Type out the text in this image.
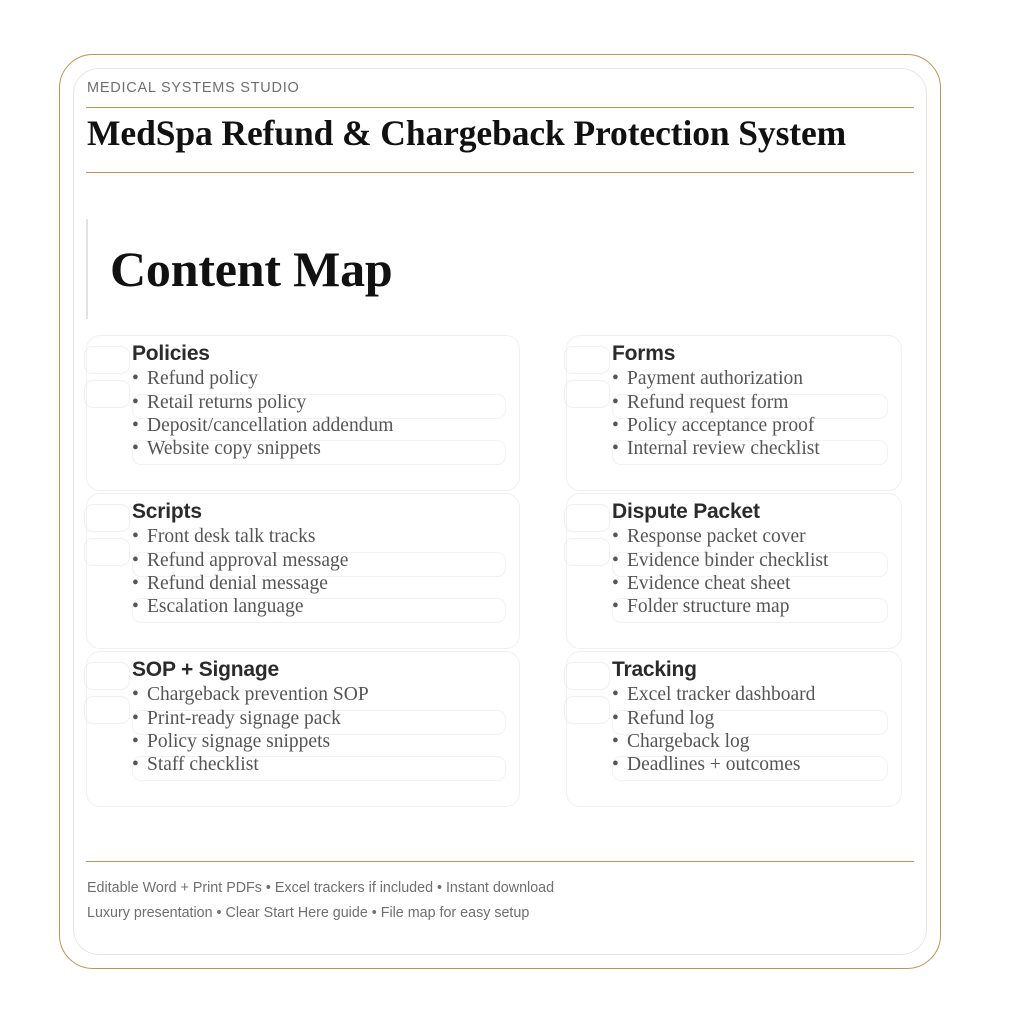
MEDICAL SYSTEMS STUDIO
MedSpa Refund & Chargeback Protection System
Content Map
Policies
• Refund policy
• Retail returns policy
• Deposit/cancellation addendum
• Website copy snippets
Scripts
• Front desk talk tracks
• Refund approval message
• Refund denial message
• Escalation language
SOP + Signage
• Chargeback prevention SOP
• Print-ready signage pack
• Policy signage snippets
• Staff checklist
Forms
• Payment authorization
• Refund request form
• Policy acceptance proof
• Internal review checklist
Dispute Packet
• Response packet cover
• Evidence binder checklist
• Evidence cheat sheet
• Folder structure map
Tracking
• Excel tracker dashboard
• Refund log
• Chargeback log
• Deadlines + outcomes
Editable Word + Print PDFs • Excel trackers if included • Instant download
Luxury presentation • Clear Start Here guide • File map for easy setup
